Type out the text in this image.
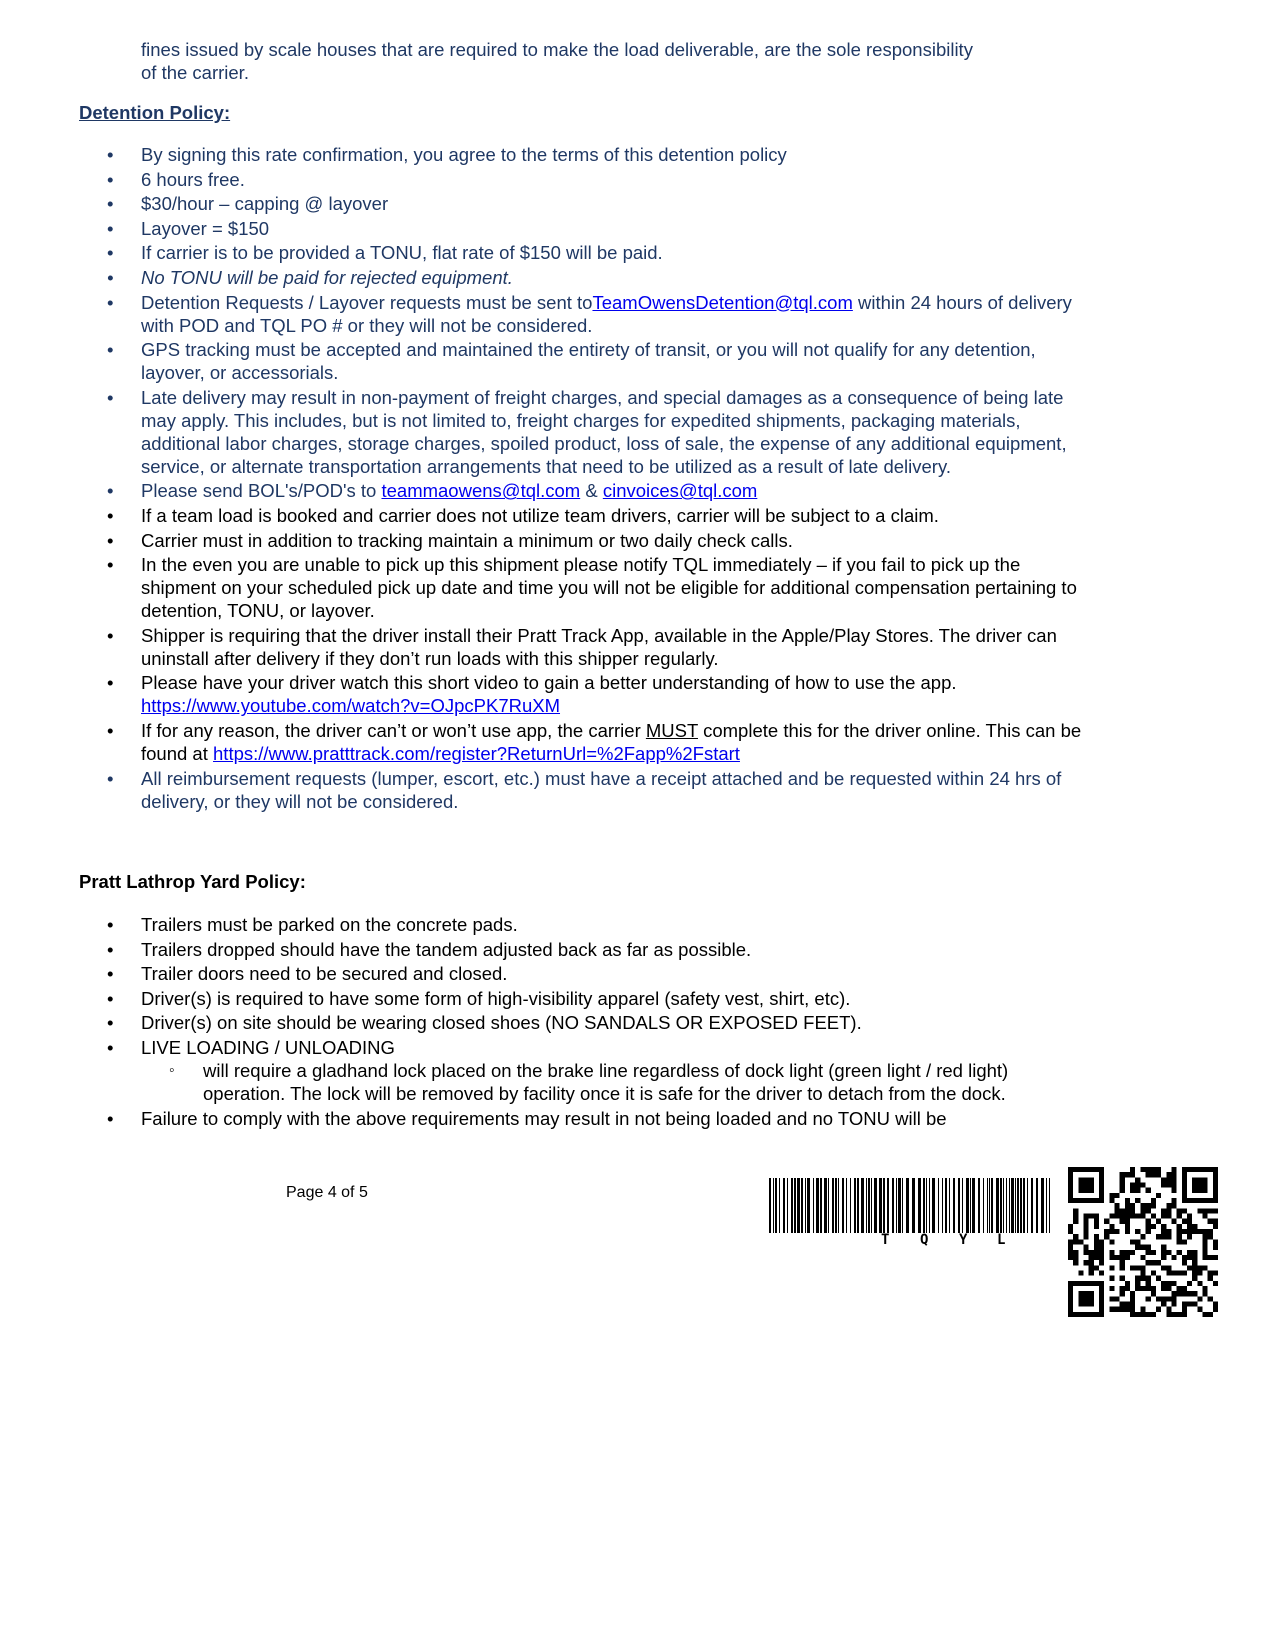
fines issued by scale houses that are required to make the load deliverable, are the sole responsibility
of the carrier.
Detention Policy:
• By signing this rate confirmation, you agree to the terms of this detention policy
• 6 hours free.
• $30/hour – capping @ layover
• Layover = $150
• If carrier is to be provided a TONU, flat rate of $150 will be paid.
• No TONU will be paid for rejected equipment.
• Detention Requests / Layover requests must be sent toTeamOwensDetention@tql.com within 24 hours of delivery with POD and TQL PO # or they will not be considered.
• GPS tracking must be accepted and maintained the entirety of transit, or you will not qualify for any detention, layover, or accessorials.
• Late delivery may result in non-payment of freight charges, and special damages as a consequence of being late may apply. This includes, but is not limited to, freight charges for expedited shipments, packaging materials, additional labor charges, storage charges, spoiled product, loss of sale, the expense of any additional equipment, service, or alternate transportation arrangements that need to be utilized as a result of late delivery.
• Please send BOL's/POD's to teammaowens@tql.com & cinvoices@tql.com
• If a team load is booked and carrier does not utilize team drivers, carrier will be subject to a claim.
• Carrier must in addition to tracking maintain a minimum or two daily check calls.
• In the even you are unable to pick up this shipment please notify TQL immediately – if you fail to pick up the shipment on your scheduled pick up date and time you will not be eligible for additional compensation pertaining to detention, TONU, or layover.
• Shipper is requiring that the driver install their Pratt Track App, available in the Apple/Play Stores. The driver can uninstall after delivery if they don’t run loads with this shipper regularly.
• Please have your driver watch this short video to gain a better understanding of how to use the app. https://www.youtube.com/watch?v=OJpcPK7RuXM
• If for any reason, the driver can’t or won’t use app, the carrier MUST complete this for the driver online. This can be found at https://www.pratttrack.com/register?ReturnUrl=%2Fapp%2Fstart
• All reimbursement requests (lumper, escort, etc.) must have a receipt attached and be requested within 24 hrs of delivery, or they will not be considered.
Pratt Lathrop Yard Policy:
• Trailers must be parked on the concrete pads.
• Trailers dropped should have the tandem adjusted back as far as possible.
• Trailer doors need to be secured and closed.
• Driver(s) is required to have some form of high-visibility apparel (safety vest, shirt, etc).
• Driver(s) on site should be wearing closed shoes (NO SANDALS OR EXPOSED FEET).
• LIVE LOADING / UNLOADING
◦ will require a gladhand lock placed on the brake line regardless of dock light (green light / red light) operation. The lock will be removed by facility once it is safe for the driver to detach from the dock.
• Failure to comply with the above requirements may result in not being loaded and no TONU will be
Page 4 of 5
T Q Y L
